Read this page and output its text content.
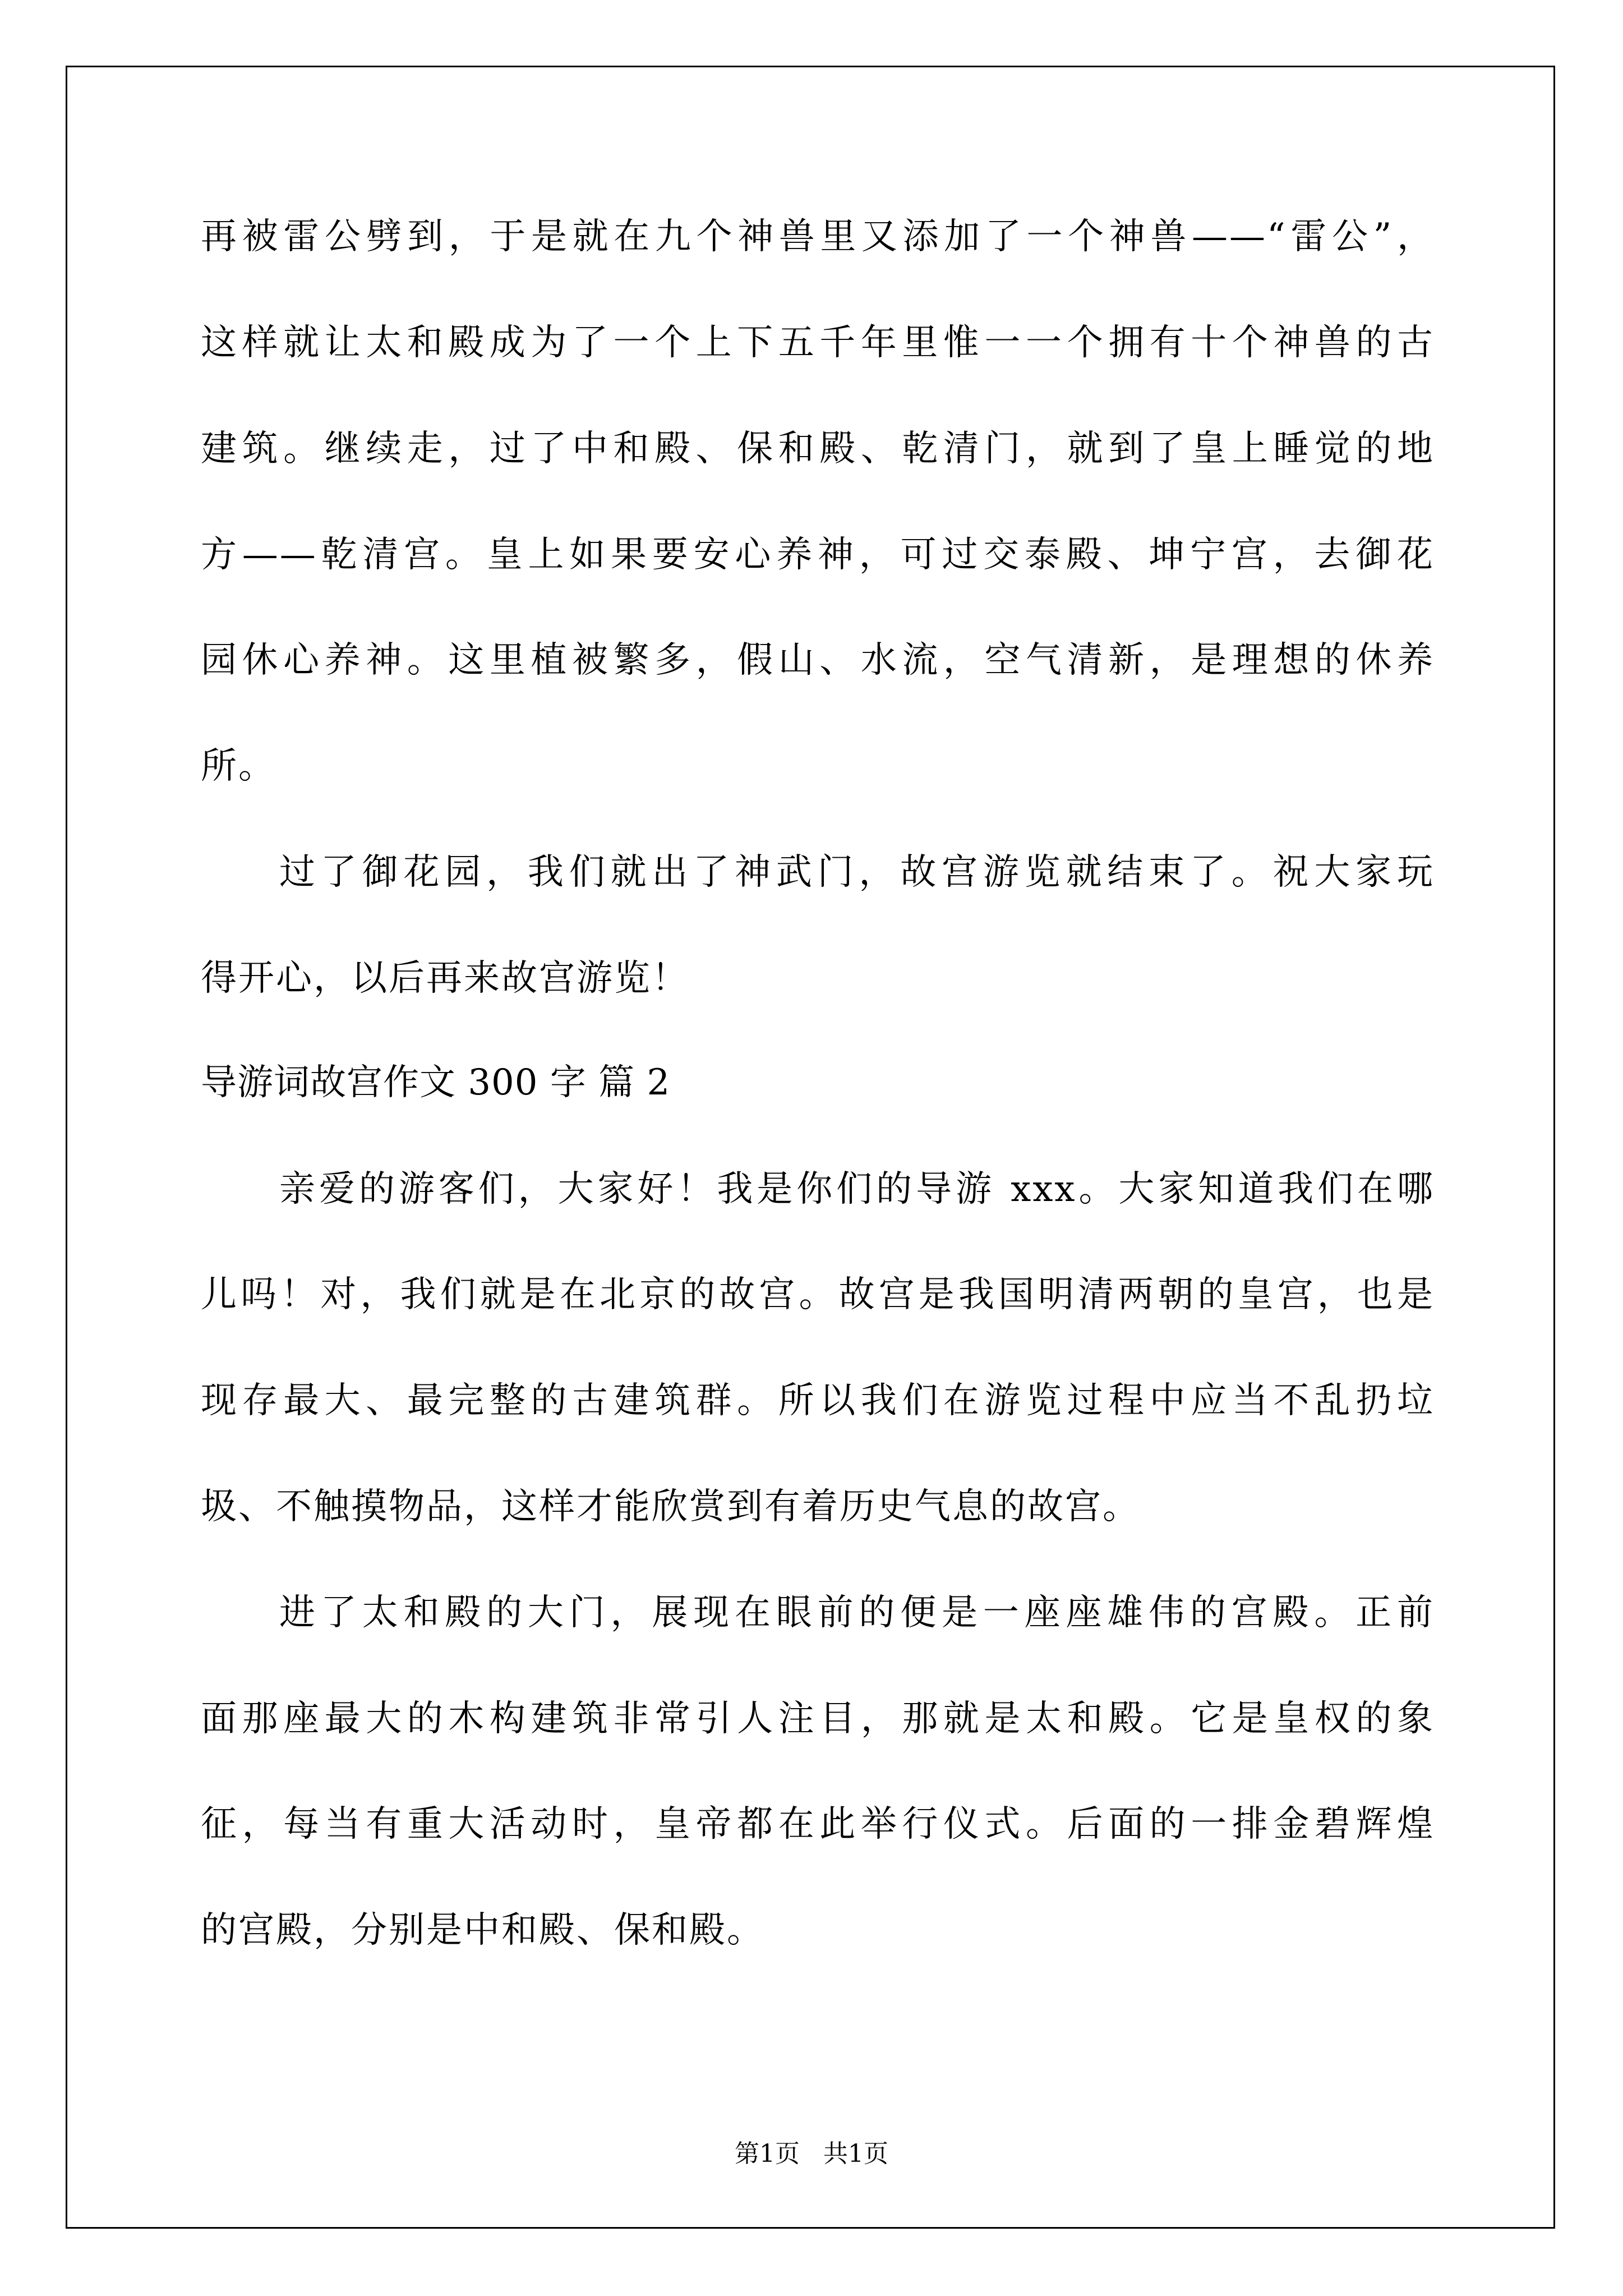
再被雷公劈到，于是就在九个神兽里又添加了一个神兽——“雷公”，
这样就让太和殿成为了一个上下五千年里惟一一个拥有十个神兽的古
建筑。继续走，过了中和殿、保和殿、乾清门，就到了皇上睡觉的地
方——乾清宫。皇上如果要安心养神，可过交泰殿、坤宁宫，去御花
园休心养神。这里植被繁多，假山、水流，空气清新，是理想的休养
所。
过了御花园，我们就出了神武门，故宫游览就结束了。祝大家玩
得开心，以后再来故宫游览！
导游词故宫作文 300 字 篇 2
亲爱的游客们，大家好！我是你们的导游 xxx。大家知道我们在哪
儿吗！对，我们就是在北京的故宫。故宫是我国明清两朝的皇宫，也是
现存最大、最完整的古建筑群。所以我们在游览过程中应当不乱扔垃
圾、不触摸物品，这样才能欣赏到有着历史气息的故宫。
进了太和殿的大门，展现在眼前的便是一座座雄伟的宫殿。正前
面那座最大的木构建筑非常引人注目，那就是太和殿。它是皇权的象
征，每当有重大活动时，皇帝都在此举行仪式。后面的一排金碧辉煌
的宫殿，分别是中和殿、保和殿。
第1页   共1页
